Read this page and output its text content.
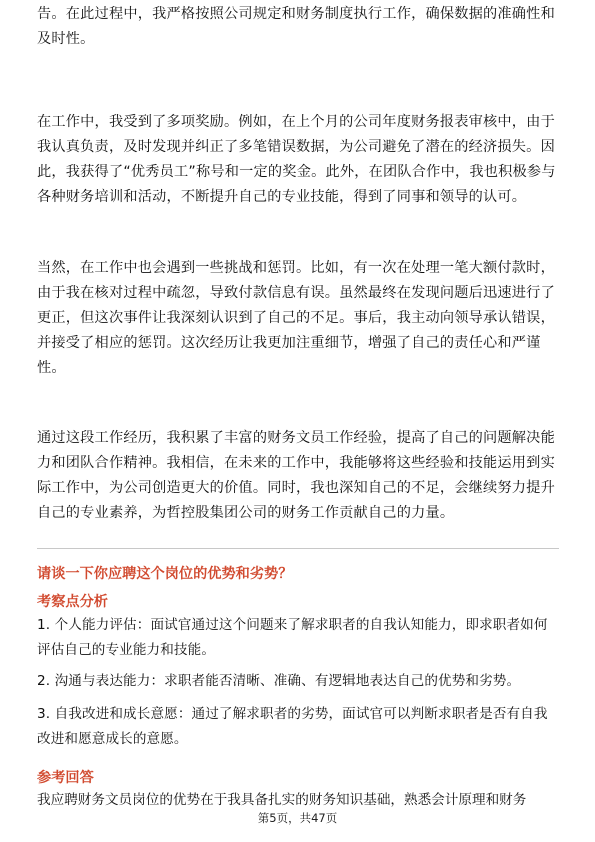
告。在此过程中，我严格按照公司规定和财务制度执行工作，确保数据的准确性和及时性。

在工作中，我受到了多项奖励。例如，在上个月的公司年度财务报表审核中，由于我认真负责，及时发现并纠正了多笔错误数据，为公司避免了潜在的经济损失。因此，我获得了“优秀员工”称号和一定的奖金。此外，在团队合作中，我也积极参与各种财务培训和活动，不断提升自己的专业技能，得到了同事和领导的认可。

当然，在工作中也会遇到一些挑战和惩罚。比如，有一次在处理一笔大额付款时，由于我在核对过程中疏忽，导致付款信息有误。虽然最终在发现问题后迅速进行了更正，但这次事件让我深刻认识到了自己的不足。事后，我主动向领导承认错误，并接受了相应的惩罚。这次经历让我更加注重细节，增强了自己的责任心和严谨性。

通过这段工作经历，我积累了丰富的财务文员工作经验，提高了自己的问题解决能力和团队合作精神。我相信，在未来的工作中，我能够将这些经验和技能运用到实际工作中，为公司创造更大的价值。同时，我也深知自己的不足，会继续努力提升自己的专业素养，为哲控股集团公司的财务工作贡献自己的力量。

请谈一下你应聘这个岗位的优势和劣势？
考察点分析
1. 个人能力评估：面试官通过这个问题来了解求职者的自我认知能力，即求职者如何评估自己的专业能力和技能。
2. 沟通与表达能力：求职者能否清晰、准确、有逻辑地表达自己的优势和劣势。
3. 自我改进和成长意愿：通过了解求职者的劣势，面试官可以判断求职者是否有自我改进和愿意成长的意愿。
参考回答
我应聘财务文员岗位的优势在于我具备扎实的财务知识基础，熟悉会计原理和财务
第5页，共47页
